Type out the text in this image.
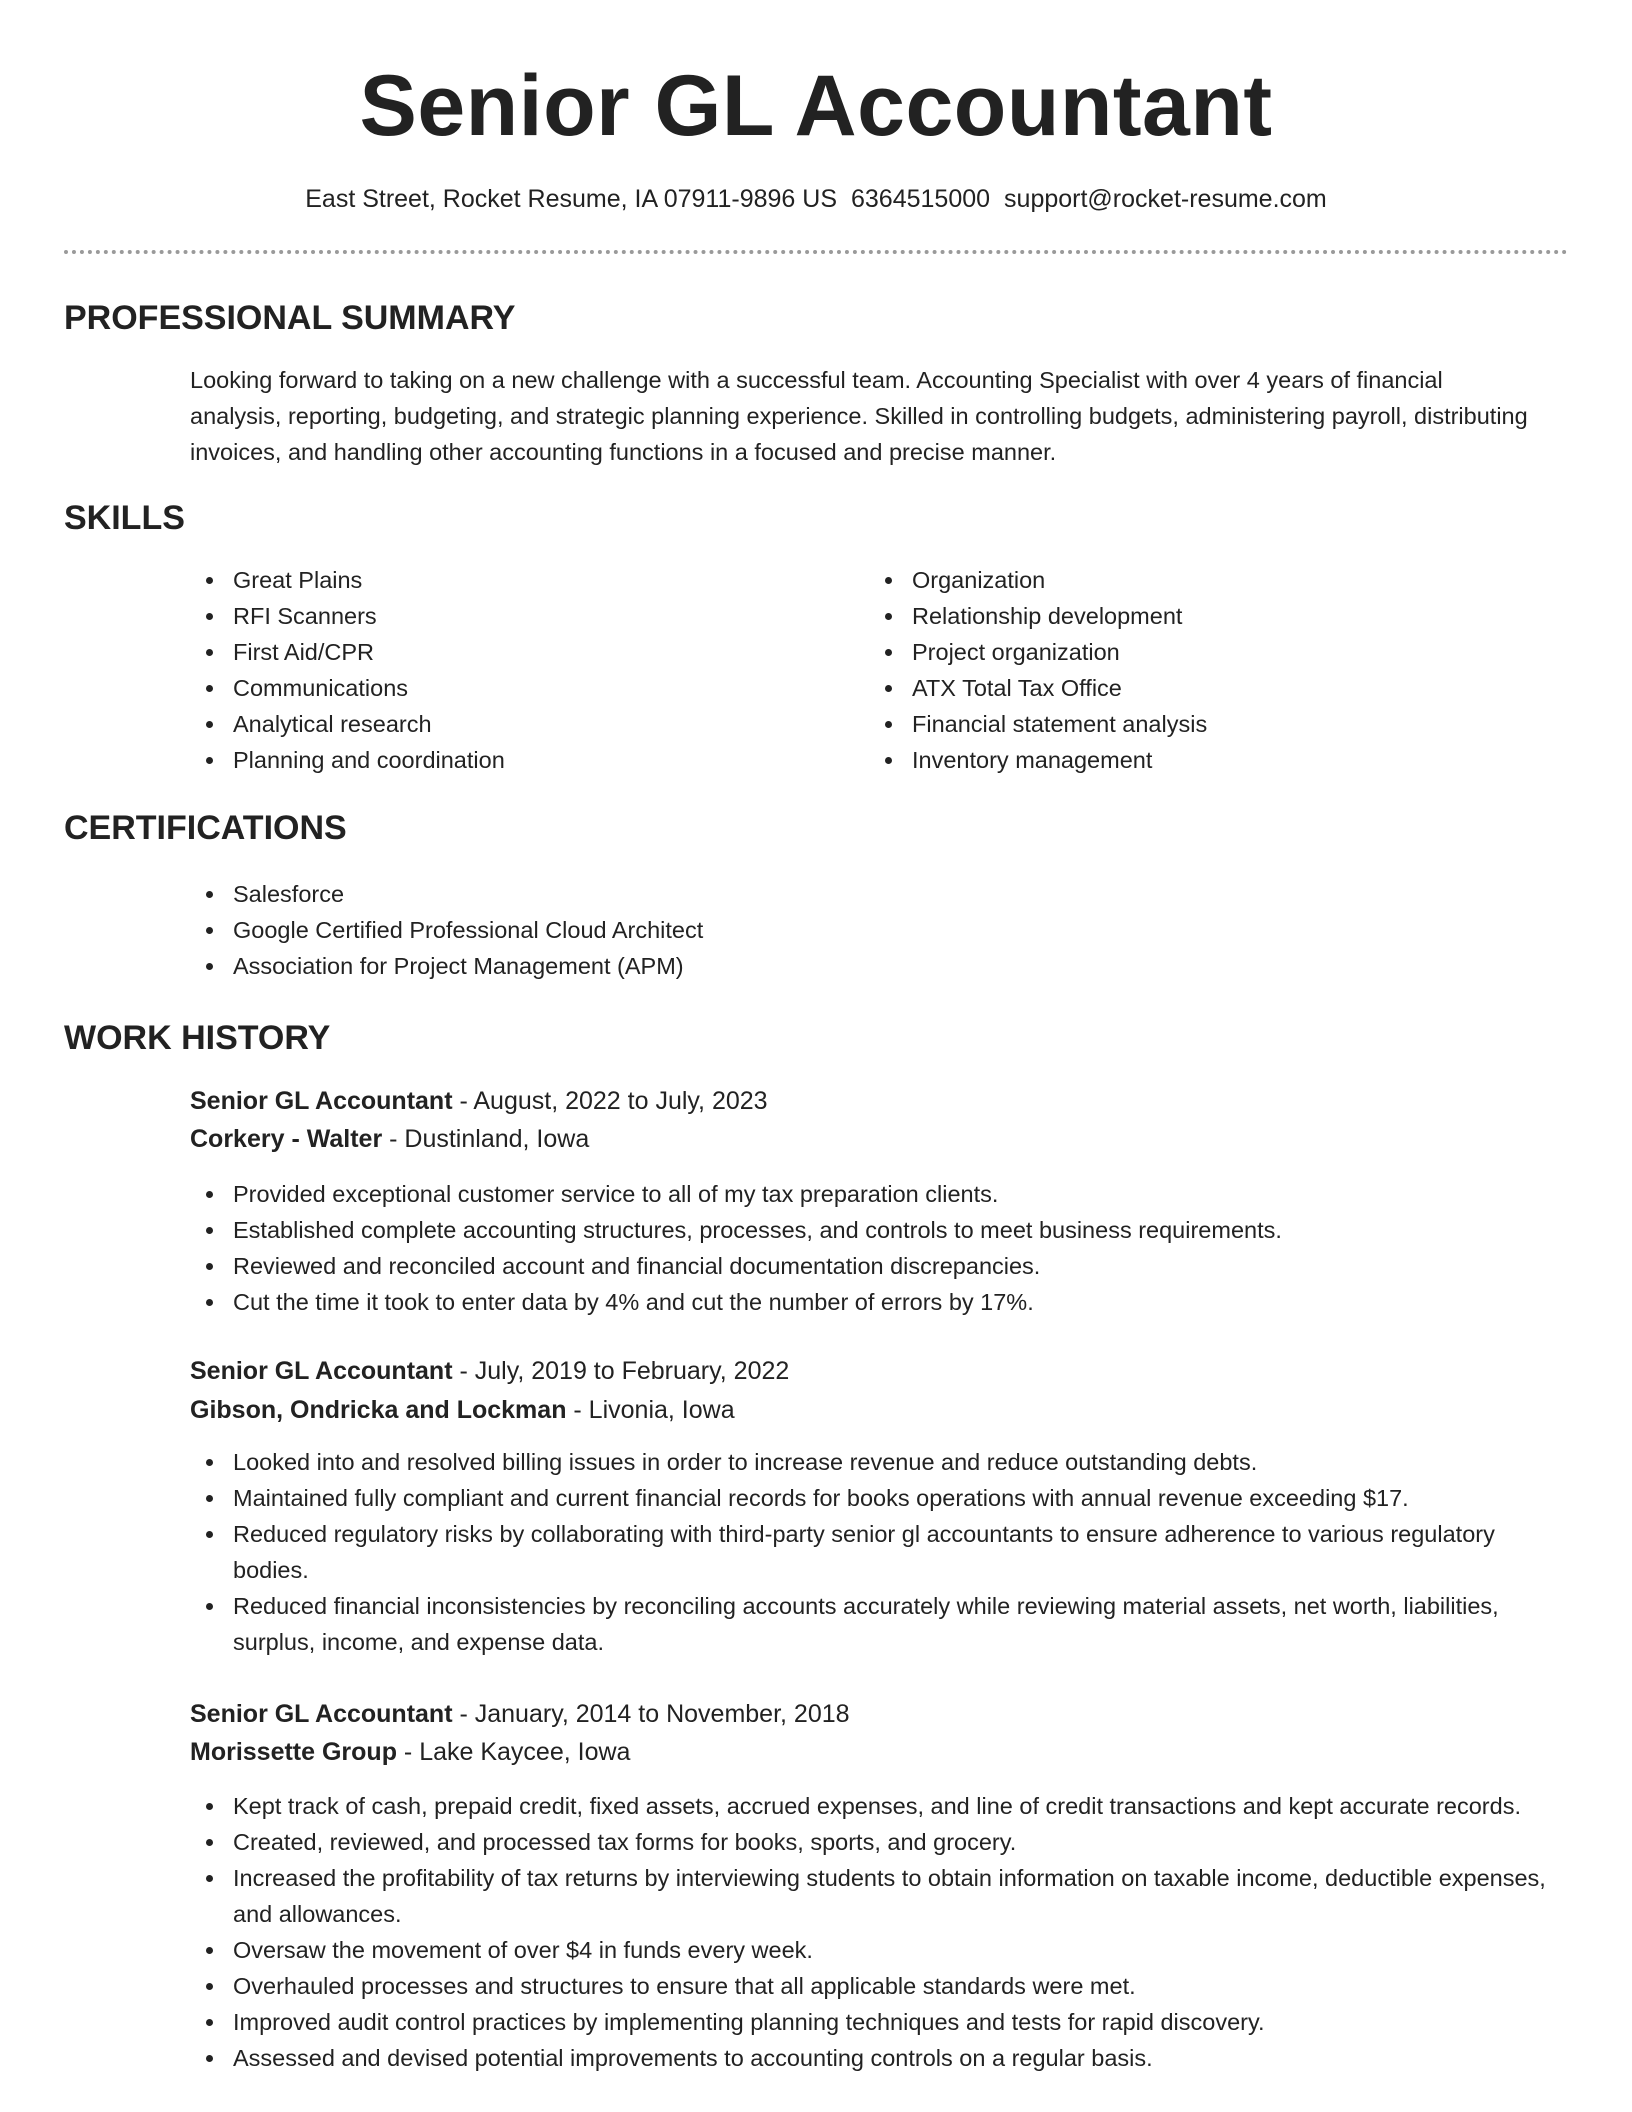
Senior GL Accountant
East Street, Rocket Resume, IA 07911-9896 US 6364515000 support@rocket-resume.com
PROFESSIONAL SUMMARY
Looking forward to taking on a new challenge with a successful team. Accounting Specialist with over 4 years of financial analysis, reporting, budgeting, and strategic planning experience. Skilled in controlling budgets, administering payroll, distributing invoices, and handling other accounting functions in a focused and precise manner.
SKILLS
Great Plains
RFI Scanners
First Aid/CPR
Communications
Analytical research
Planning and coordination
Organization
Relationship development
Project organization
ATX Total Tax Office
Financial statement analysis
Inventory management
CERTIFICATIONS
Salesforce
Google Certified Professional Cloud Architect
Association for Project Management (APM)
WORK HISTORY
Senior GL Accountant - August, 2022 to July, 2023
Corkery - Walter - Dustinland, Iowa
Provided exceptional customer service to all of my tax preparation clients.
Established complete accounting structures, processes, and controls to meet business requirements.
Reviewed and reconciled account and financial documentation discrepancies.
Cut the time it took to enter data by 4% and cut the number of errors by 17%.
Senior GL Accountant - July, 2019 to February, 2022
Gibson, Ondricka and Lockman - Livonia, Iowa
Looked into and resolved billing issues in order to increase revenue and reduce outstanding debts.
Maintained fully compliant and current financial records for books operations with annual revenue exceeding $17.
Reduced regulatory risks by collaborating with third-party senior gl accountants to ensure adherence to various regulatory bodies.
Reduced financial inconsistencies by reconciling accounts accurately while reviewing material assets, net worth, liabilities, surplus, income, and expense data.
Senior GL Accountant - January, 2014 to November, 2018
Morissette Group - Lake Kaycee, Iowa
Kept track of cash, prepaid credit, fixed assets, accrued expenses, and line of credit transactions and kept accurate records.
Created, reviewed, and processed tax forms for books, sports, and grocery.
Increased the profitability of tax returns by interviewing students to obtain information on taxable income, deductible expenses, and allowances.
Oversaw the movement of over $4 in funds every week.
Overhauled processes and structures to ensure that all applicable standards were met.
Improved audit control practices by implementing planning techniques and tests for rapid discovery.
Assessed and devised potential improvements to accounting controls on a regular basis.
